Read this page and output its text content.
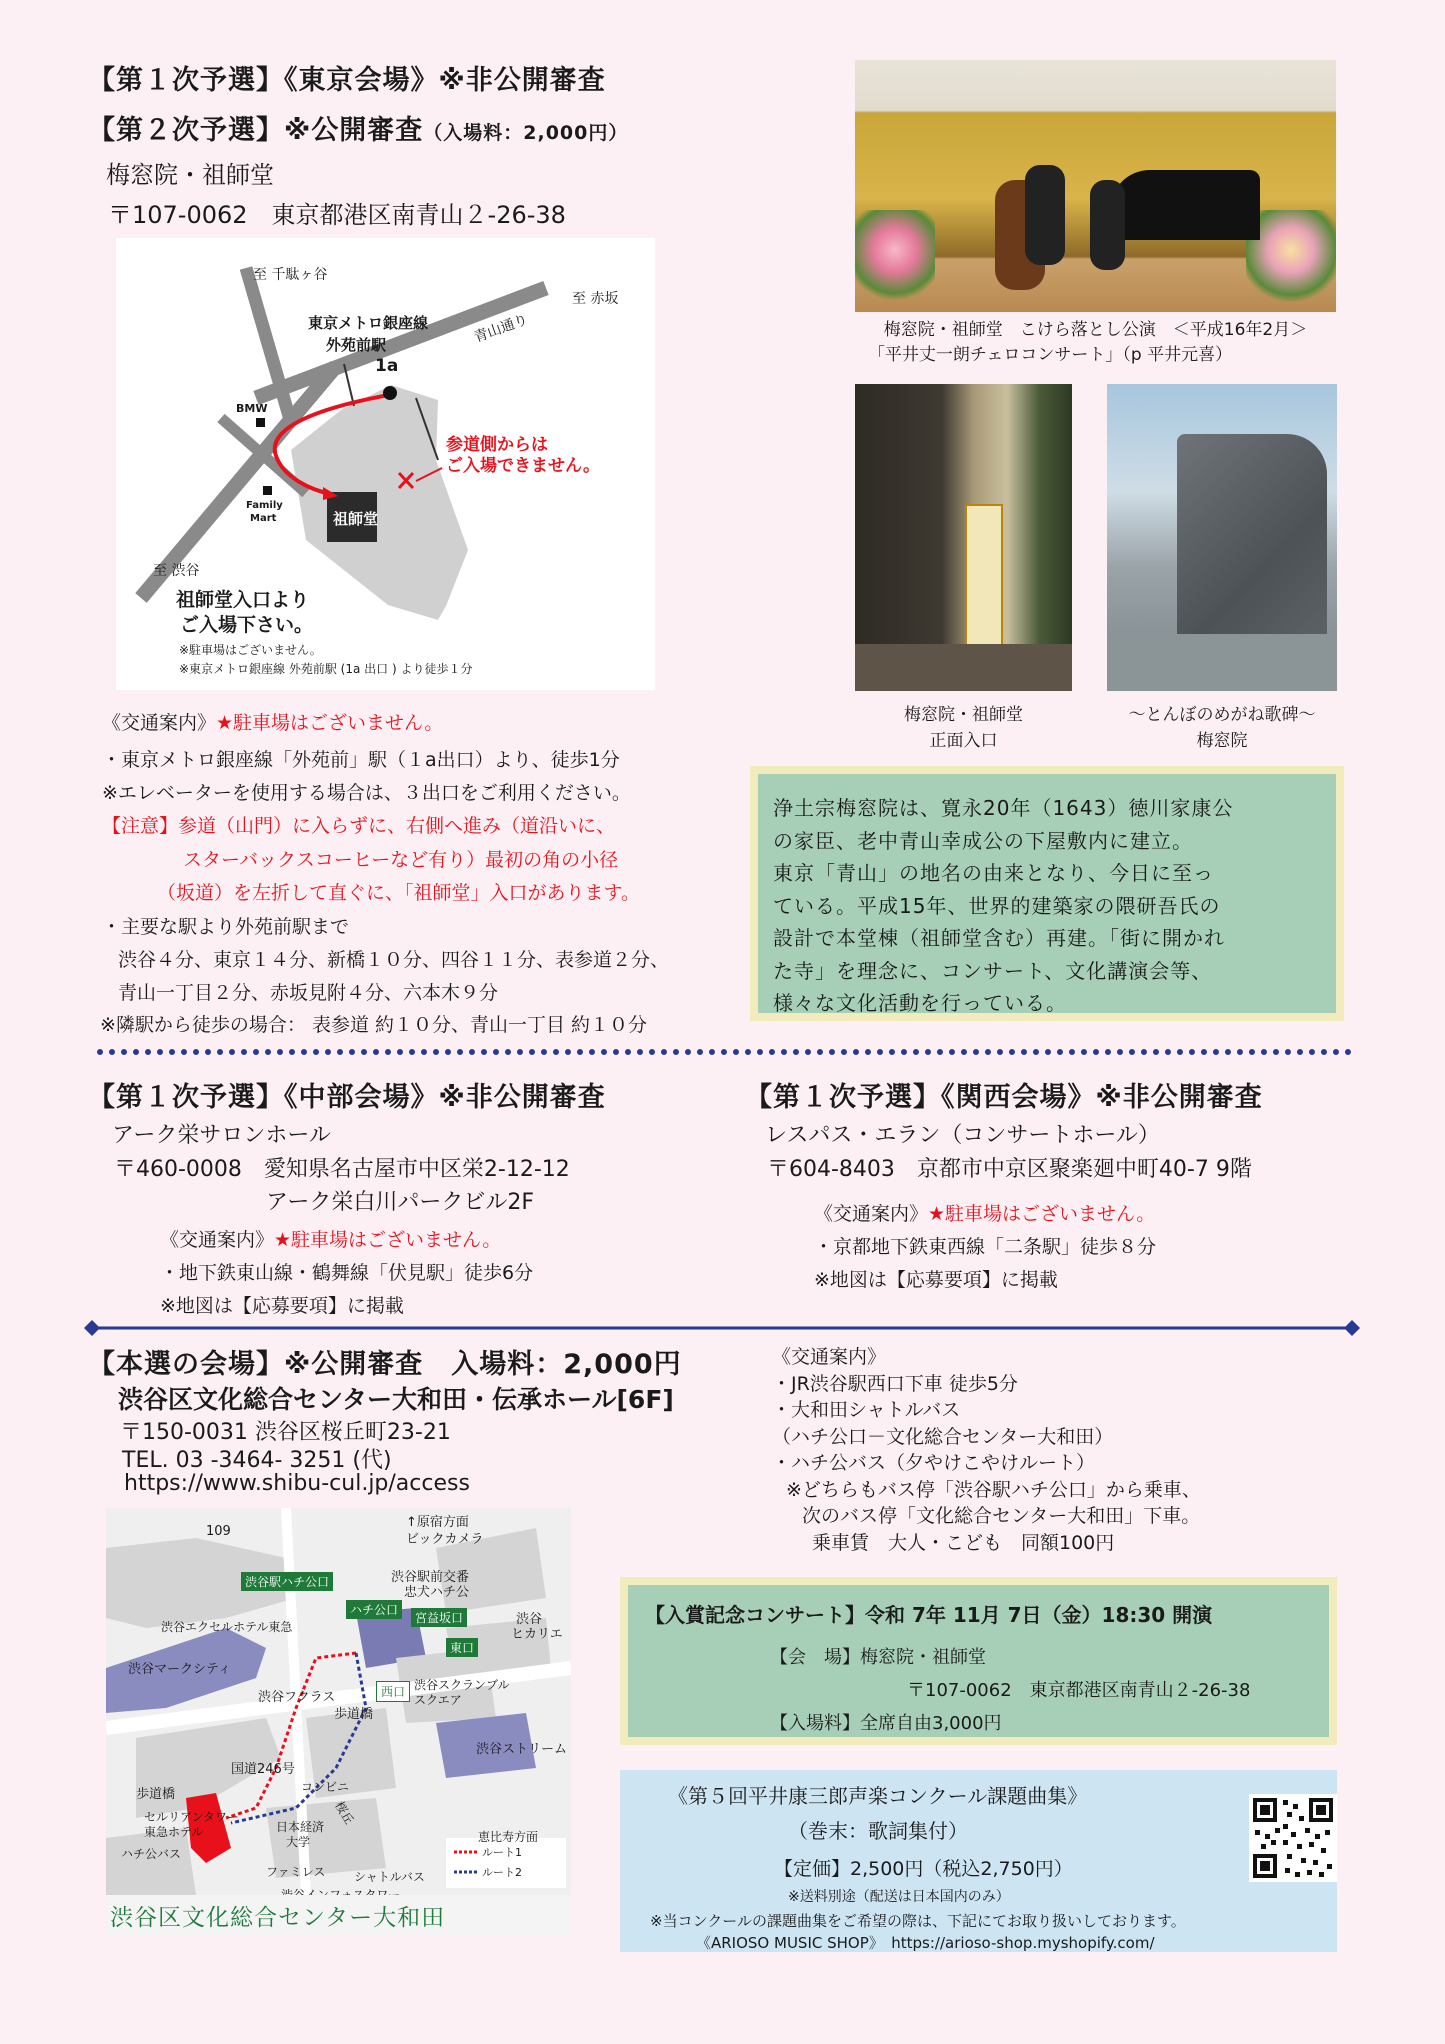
【第１次予選】《東京会場》※非公開審査
【第２次予選】※公開審査（入場料：2,000円）
梅窓院・祖師堂
〒107-0062　東京都港区南青山２-26-38
至 千駄ヶ谷
至 赤坂
至 渋谷
東京メトロ銀座線
外苑前駅
1a
青山通り
BMW
Family
Mart	祖師堂
参道側からは
ご入場できません。
祖師堂入口より
ご入場下さい。
※駐車場はございません。
※東京メトロ銀座線 外苑前駅 (1a 出口 ) より徒歩１分
《交通案内》★駐車場はございません。
・東京メトロ銀座線「外苑前」駅（１a出口）より、徒歩1分
※エレベーターを使用する場合は、３出口をご利用ください。
【注意】参道（山門）に入らずに、右側へ進み（道沿いに、
スターバックスコーヒーなど有り）最初の角の小径
（坂道）を左折して直ぐに、「祖師堂」入口があります。
・主要な駅より外苑前駅まで
渋谷４分、東京１４分、新橋１０分、四谷１１分、表参道２分、
青山一丁目２分、赤坂見附４分、六本木９分
※隣駅から徒歩の場合： 表参道 約１０分、青山一丁目 約１０分
梅窓院・祖師堂　こけら落とし公演　＜平成16年2月＞
「平井丈一朗チェロコンサート」（p 平井元喜）
梅窓院・祖師堂
正面入口
～とんぼのめがね歌碑～
梅窓院
浄土宗梅窓院は、寛永20年（1643）徳川家康公
の家臣、老中青山幸成公の下屋敷内に建立。
東京「青山」の地名の由来となり、今日に至っ
ている。平成15年、世界的建築家の隈研吾氏の
設計で本堂棟（祖師堂含む）再建。「街に開かれ
た寺」を理念に、コンサート、文化講演会等、
様々な文化活動を行っている。
【第１次予選】《中部会場》※非公開審査
アーク栄サロンホール
〒460-0008　愛知県名古屋市中区栄2-12-12
アーク栄白川パークビル2F
《交通案内》★駐車場はございません。
・地下鉄東山線・鶴舞線「伏見駅」徒歩6分
※地図は【応募要項】に掲載
【第１次予選】《関西会場》※非公開審査
レスパス・エラン（コンサートホール）
〒604-8403　京都市中京区聚楽廻中町40-7 9階
《交通案内》★駐車場はございません。
・京都地下鉄東西線「二条駅」徒歩８分
※地図は【応募要項】に掲載
【本選の会場】※公開審査　入場料：2,000円
渋谷区文化総合センター大和田・伝承ホール[6F]
〒150-0031 渋谷区桜丘町23-21
TEL. 03 -3464- 3251 (代)
https://www.shibu-cul.jp/access
《交通案内》
・JR渋谷駅西口下車 徒歩5分
・大和田シャトルバス
（ハチ公口－文化総合センター大和田）
・ハチ公バス（夕やけこやけルート）
※どちらもバス停「渋谷駅ハチ公口」から乗車、
次のバス停「文化総合センター大和田」下車。
乗車賃　大人・こども　同額100円
109
↑原宿方面
ビックカメラ
渋谷駅ハチ公口	渋谷駅前交番
忠犬ハチ公
ハチ公口
宮益坂口
渋谷エクセルホテル東急
東口
渋谷
ヒカリエ
渋谷マークシティ
渋谷フクラス	西口 渋谷スクランブル
スクエア
歩道橋
渋谷ストリーム
国道246号
歩道橋	コンビニ
桜丘
セルリアンタワー
東急ホテル	日本経済
大学	恵比寿方面
ハチ公バス
ファミレス シャトルバス
ルート1
ルート2
渋谷区文化総合センター大和田
【入賞記念コンサート】令和 7年 11月 7日（金）18:30 開演
【会　場】梅窓院・祖師堂
〒107-0062　東京都港区南青山２-26-38
【入場料】全席自由3,000円
《第５回平井康三郎声楽コンクール課題曲集》
（巻末：歌詞集付）
【定価】2,500円（税込2,750円）
※送料別途（配送は日本国内のみ）
※当コンクールの課題曲集をご希望の際は、下記にてお取り扱いしております。
《ARIOSO MUSIC SHOP》　https://arioso-shop.myshopify.com/
